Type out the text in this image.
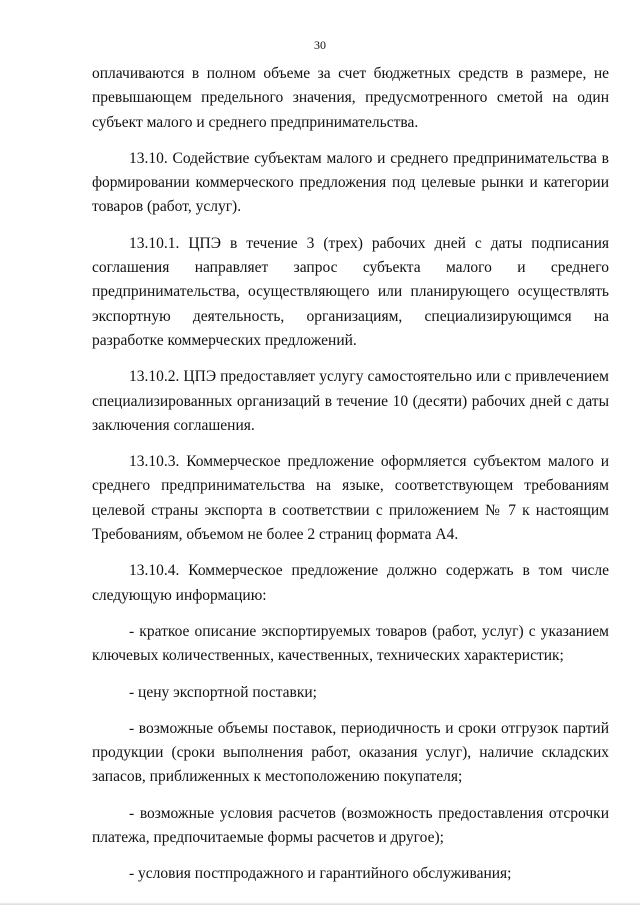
30

оплачиваются в полном объеме за счет бюджетных средств в размере, не превышающем предельного значения, предусмотренного сметой на один субъект малого и среднего предпринимательства.

13.10. Содействие субъектам малого и среднего предпринимательства в формировании коммерческого предложения под целевые рынки и категории товаров (работ, услуг).

13.10.1. ЦПЭ в течение 3 (трех) рабочих дней с даты подписания соглашения направляет запрос субъекта малого и среднего предпринимательства, осуществляющего или планирующего осуществлять экспортную деятельность, организациям, специализирующимся на разработке коммерческих предложений.

13.10.2. ЦПЭ предоставляет услугу самостоятельно или с привлечением специализированных организаций в течение 10 (десяти) рабочих дней с даты заключения соглашения.

13.10.3. Коммерческое предложение оформляется субъектом малого и среднего предпринимательства на языке, соответствующем требованиям целевой страны экспорта в соответствии с приложением № 7 к настоящим Требованиям, объемом не более 2 страниц формата А4.

13.10.4. Коммерческое предложение должно содержать в том числе следующую информацию:

- краткое описание экспортируемых товаров (работ, услуг) с указанием ключевых количественных, качественных, технических характеристик;

- цену экспортной поставки;

- возможные объемы поставок, периодичность и сроки отгрузок партий продукции (сроки выполнения работ, оказания услуг), наличие складских запасов, приближенных к местоположению покупателя;

- возможные условия расчетов (возможность предоставления отсрочки платежа, предпочитаемые формы расчетов и другое);

- условия постпродажного и гарантийного обслуживания;
